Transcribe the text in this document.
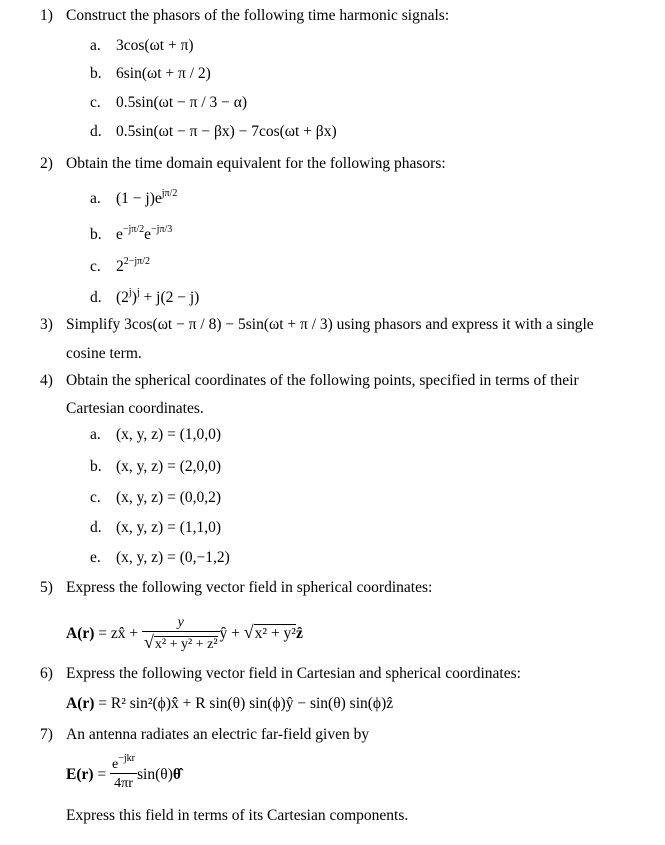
1) Construct the phasors of the following time harmonic signals:
a. 3cos(ωt + π)
b. 6sin(ωt + π / 2)
c. 0.5sin(ωt − π / 3 − α)
d. 0.5sin(ωt − π − βx) − 7cos(ωt + βx)
2) Obtain the time domain equivalent for the following phasors:
a. $(1 - j)e^{j\pi/2}$
b. $e^{-j\pi/2}e^{-j\pi/3}$
c. $2^{2-j\pi/2}$
d. $(2^j)^j + j(2 - j)$
3) Simplify 3cos(ωt − π / 8) − 5sin(ωt + π / 3) using phasors and express it with a single
cosine term.
4) Obtain the spherical coordinates of the following points, specified in terms of their
Cartesian coordinates.
a. (x, y, z) = (1,0,0)
b. (x, y, z) = (2,0,0)
c. (x, y, z) = (0,0,2)
d. (x, y, z) = (1,1,0)
e. (x, y, z) = (0,−1,2)
5) Express the following vector field in spherical coordinates:
A(r) = zx̂ + $\frac{y}{\text{√x² + y² + z²}}$ ŷ + √x² + y²ẑ
6) Express the following vector field in Cartesian and spherical coordinates:
A(r) = R² sin²(ϕ)x̂ + R sin(θ) sin(ϕ)ŷ − sin(θ) sin(ϕ)ẑ
7) An antenna radiates an electric far-field given by
$E(r) = \frac{e^{-jkr}}{4\pi r}$ sin(θ)θ̂
Express this field in terms of its Cartesian components.
